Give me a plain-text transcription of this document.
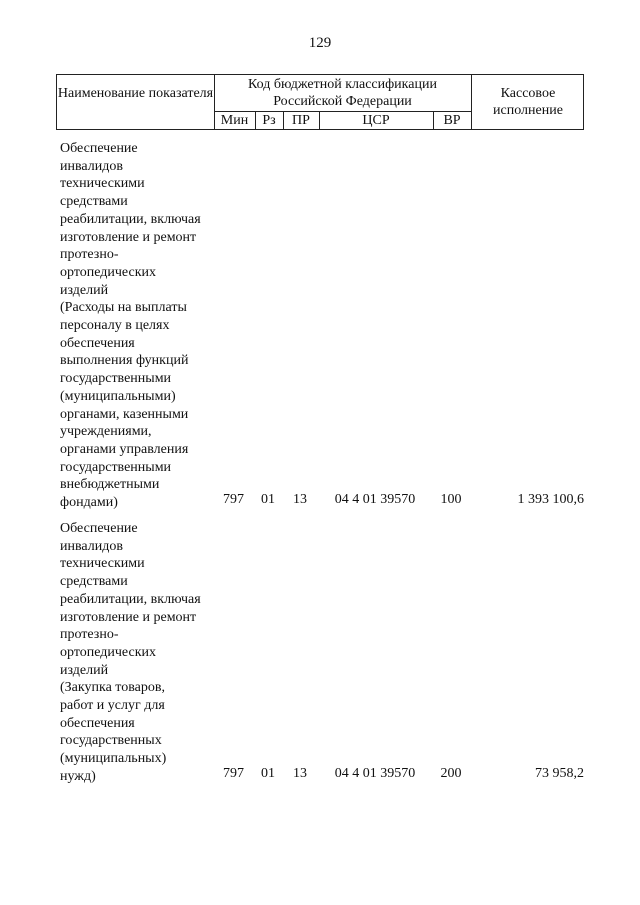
129
Наименование показателя
Код бюджетной классификации Российской Федерации
Мин	Рз	ПР	ЦСР	ВР
Кассовое исполнение
Обеспечение
инвалидов
техническими
средствами
реабилитации, включая
изготовление и ремонт
протезно-
ортопедических
изделий
(Расходы на выплаты
персоналу в целях
обеспечения
выполнения функций
государственными
(муниципальными)
органами, казенными
учреждениями,
органами управления
государственными
внебюджетными
фондами)	797	01	13	04 4 01 39570	100	1 393 100,6
Обеспечение
инвалидов
техническими
средствами
реабилитации, включая
изготовление и ремонт
протезно-
ортопедических
изделий
(Закупка товаров,
работ и услуг для
обеспечения
государственных
(муниципальных)
нужд)	797	01	13	04 4 01 39570	200	73 958,2
